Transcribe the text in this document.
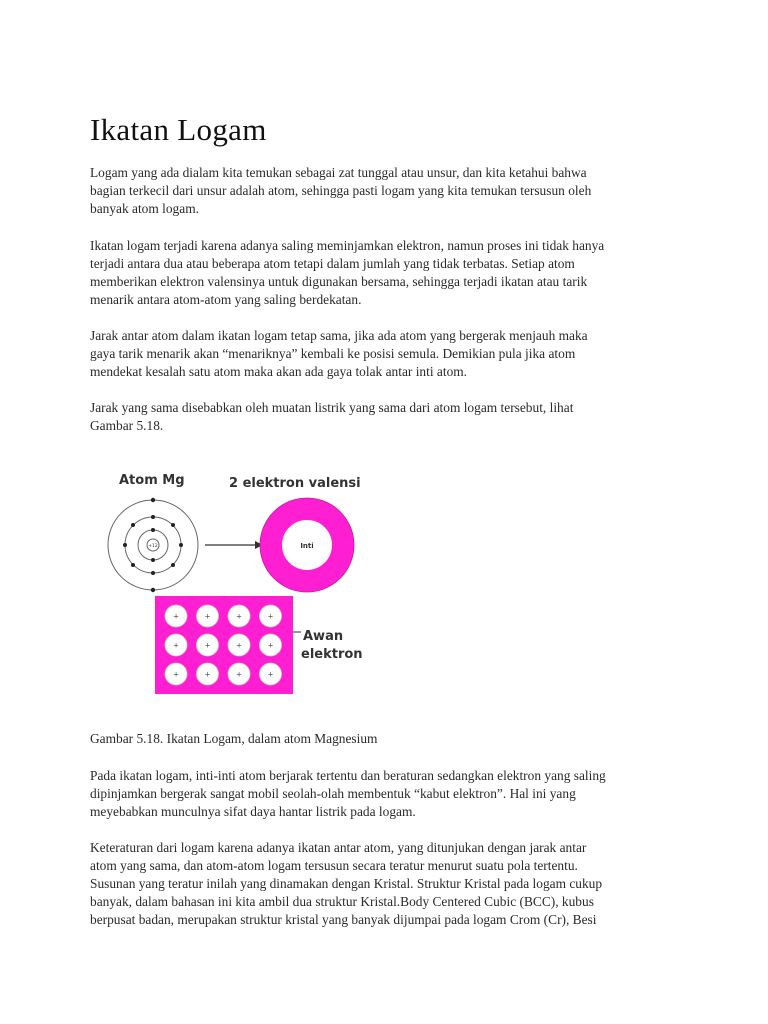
Ikatan Logam
Logam yang ada dialam kita temukan sebagai zat tunggal atau unsur, dan kita ketahui bahwa
bagian terkecil dari unsur adalah atom, sehingga pasti logam yang kita temukan tersusun oleh
banyak atom logam.
Ikatan logam terjadi karena adanya saling meminjamkan elektron, namun proses ini tidak hanya
terjadi antara dua atau beberapa atom tetapi dalam jumlah yang tidak terbatas. Setiap atom
memberikan elektron valensinya untuk digunakan bersama, sehingga terjadi ikatan atau tarik
menarik antara atom-atom yang saling berdekatan.
Jarak antar atom dalam ikatan logam tetap sama, jika ada atom yang bergerak menjauh maka
gaya tarik menarik akan “menariknya” kembali ke posisi semula. Demikian pula jika atom
mendekat kesalah satu atom maka akan ada gaya tolak antar inti atom.
Jarak yang sama disebabkan oleh muatan listrik yang sama dari atom logam tersebut, lihat
Gambar 5.18.
Atom Mg	2 elektron valensi
+12	Inti
+	+	+	+
+	+	+	+
+	+	+	+
Awan
elektron

Gambar 5.18. Ikatan Logam, dalam atom Magnesium

Pada ikatan logam, inti-inti atom berjarak tertentu dan beraturan sedangkan elektron yang saling
dipinjamkan bergerak sangat mobil seolah-olah membentuk “kabut elektron”. Hal ini yang
meyebabkan munculnya sifat daya hantar listrik pada logam.
Keteraturan dari logam karena adanya ikatan antar atom, yang ditunjukan dengan jarak antar
atom yang sama, dan atom-atom logam tersusun secara teratur menurut suatu pola tertentu.
Susunan yang teratur inilah yang dinamakan dengan Kristal. Struktur Kristal pada logam cukup
banyak, dalam bahasan ini kita ambil dua struktur Kristal.Body Centered Cubic (BCC), kubus
berpusat badan, merupakan struktur kristal yang banyak dijumpai pada logam Crom (Cr), Besi
